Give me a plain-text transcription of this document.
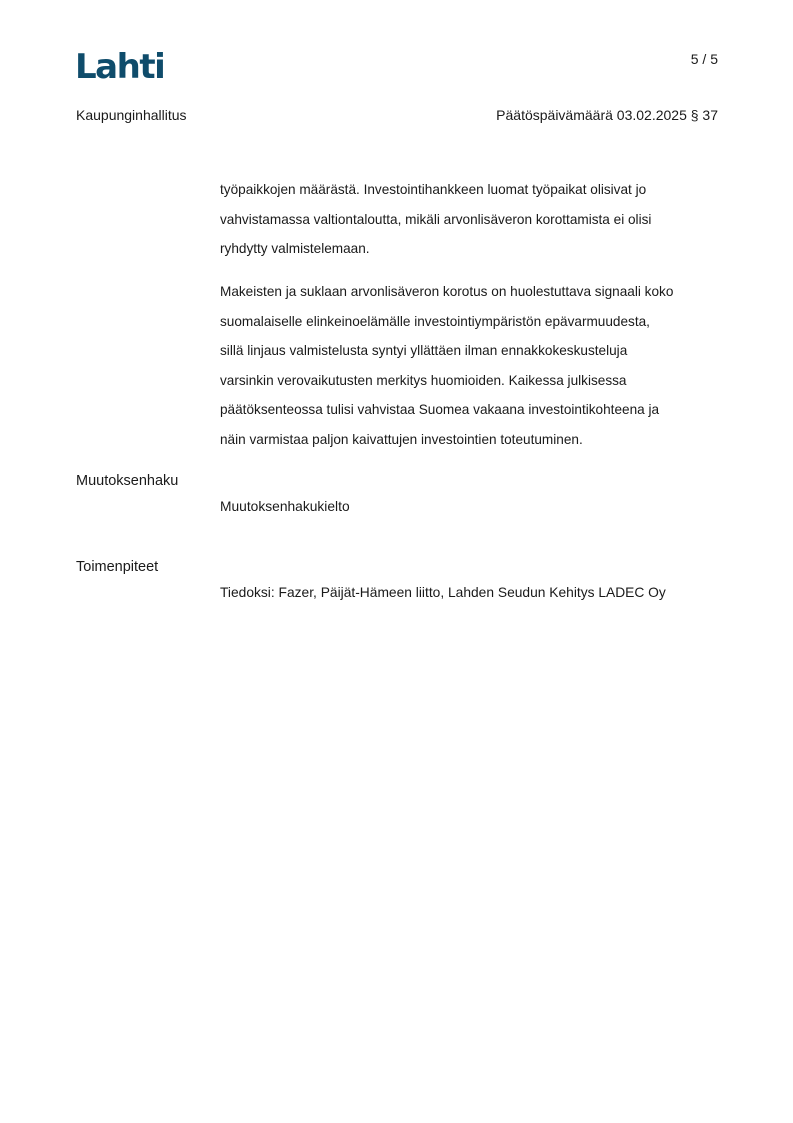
Lahti	5 / 5
Kaupunginhallitus	Päätöspäivämäärä 03.02.2025 § 37
työpaikkojen määrästä. Investointihankkeen luomat työpaikat olisivat jo
vahvistamassa valtiontaloutta, mikäli arvonlisäveron korottamista ei olisi
ryhdytty valmistelemaan.
Makeisten ja suklaan arvonlisäveron korotus on huolestuttava signaali koko
suomalaiselle elinkeinoelämälle investointiympäristön epävarmuudesta,
sillä linjaus valmistelusta syntyi yllättäen ilman ennakkokeskusteluja
varsinkin verovaikutusten merkitys huomioiden. Kaikessa julkisessa
päätöksenteossa tulisi vahvistaa Suomea vakaana investointikohteena ja
näin varmistaa paljon kaivattujen investointien toteutuminen.
Muutoksenhaku
Muutoksenhakukielto
Toimenpiteet
Tiedoksi: Fazer, Päijät-Hämeen liitto, Lahden Seudun Kehitys LADEC Oy
